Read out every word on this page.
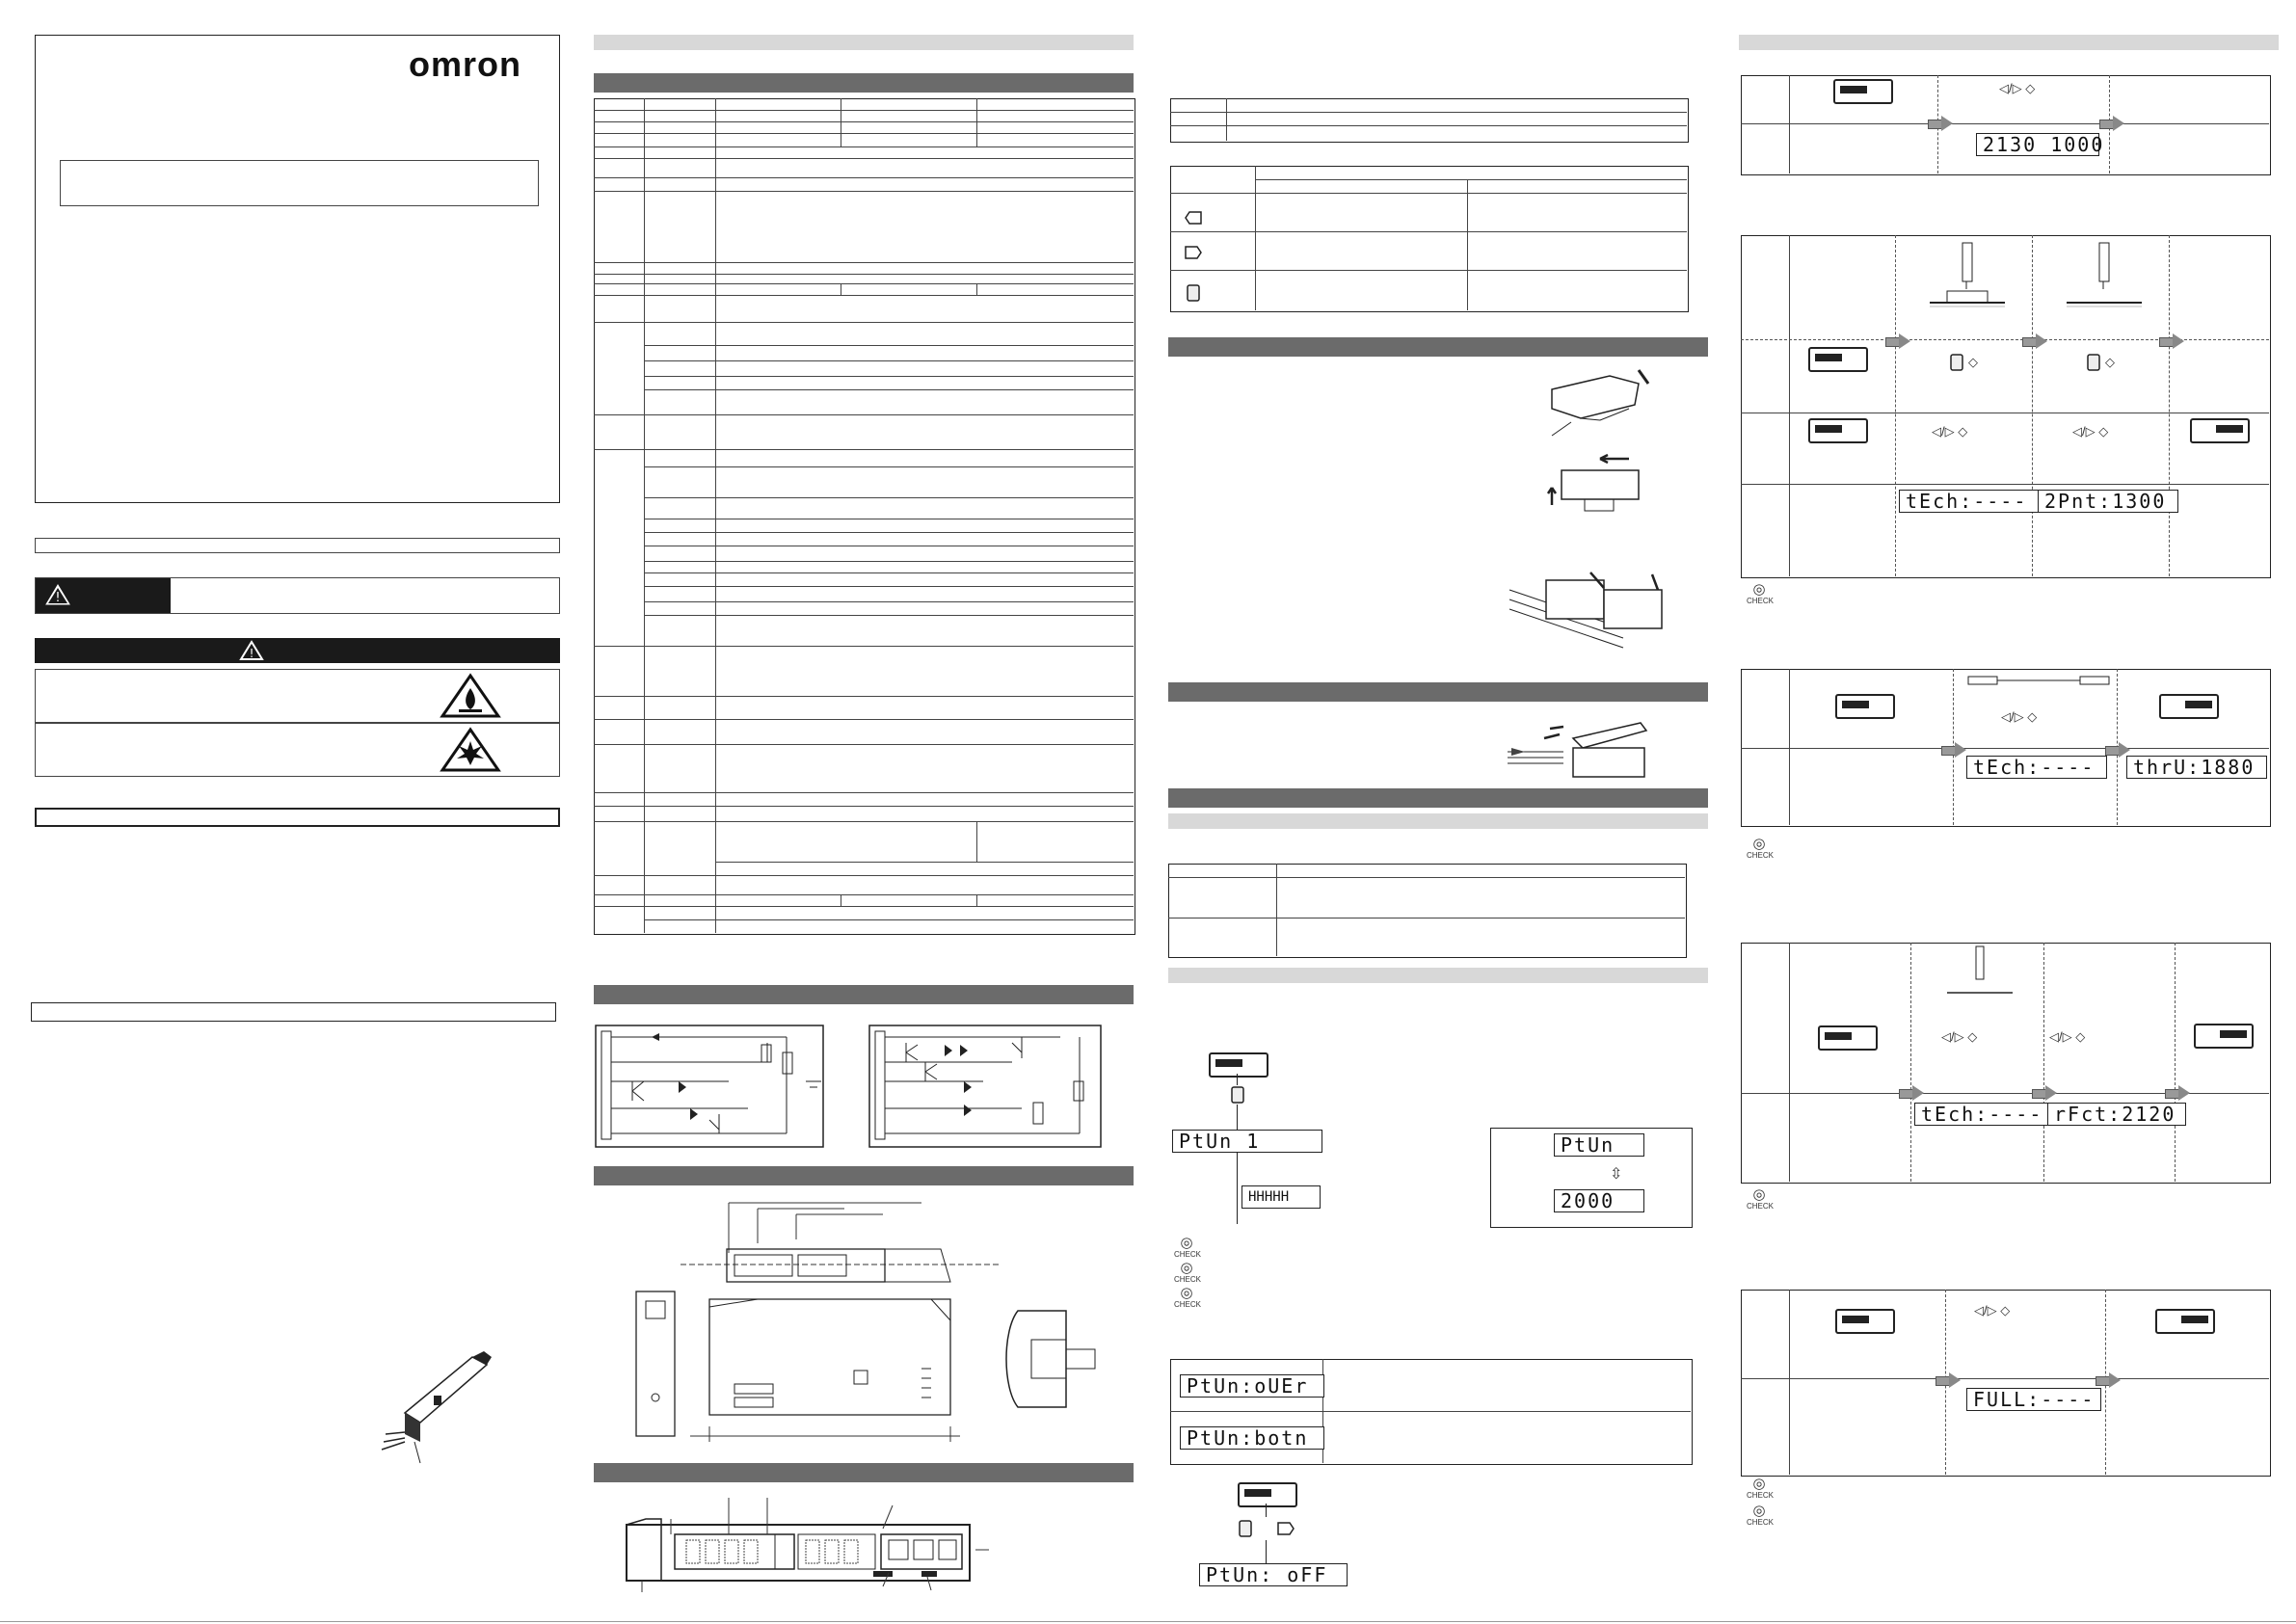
omron
!
!
PtUn 1
HHHHH
◎ CHECK
◎ CHECK
◎ CHECK
PtUn
⇳
2000
PtUn:oUEr
PtUn:botn
PtUn: oFF
◁/▷ ◇
2130 1000
◇	◇
◁/▷ ◇	◁/▷ ◇
tEch:---- 2Pnt:1300
◎ CHECK
◁/▷ ◇
tEch:----	thrU:1880
◎ CHECK
◁/▷ ◇	◁/▷ ◇
tEch:---- rFct:2120
◎ CHECK
◁/▷ ◇
FULL:----
◎ CHECK
◎ CHECK
